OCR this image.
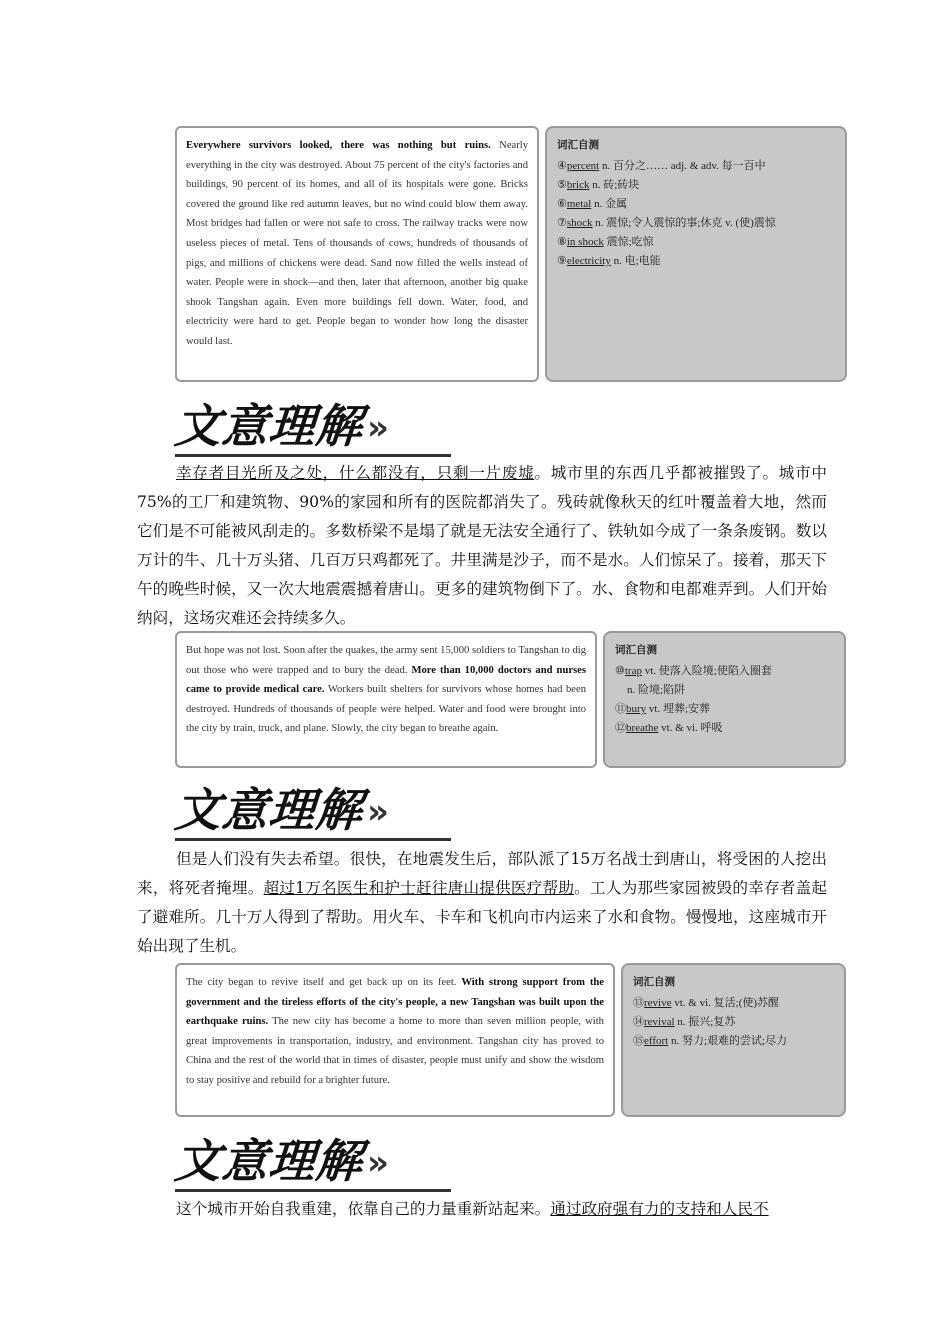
Everywhere survivors looked, there was nothing but ruins. Nearly everything in the city was destroyed. About 75 percent of the city's factories and buildings, 90 percent of its homes, and all of its hospitals were gone. Bricks covered the ground like red autumn leaves, but no wind could blow them away. Most bridges had fallen or were not safe to cross. The railway tracks were now useless pieces of metal. Tens of thousands of cows, hundreds of thousands of pigs, and millions of chickens were dead. Sand now filled the wells instead of water. People were in shock—and then, later that afternoon, another big quake shook Tangshan again. Even more buildings fell down. Water, food, and electricity were hard to get. People began to wonder how long the disaster would last.
词汇自测
④percent n. 百分之…… adj. & adv. 每一百中
⑤brick n. 砖;砖块
⑥metal n. 金属
⑦shock n. 震惊;令人震惊的事;休克 v. (使)震惊
⑧in shock 震惊;吃惊
⑨electricity n. 电;电能
文意理解 »
幸存者目光所及之处，什么都没有，只剩一片废墟。城市里的东西几乎都被摧毁了。城市中75%的工厂和建筑物、90%的家园和所有的医院都消失了。残砖就像秋天的红叶覆盖着大地，然而它们是不可能被风刮走的。多数桥梁不是塌了就是无法安全通行了、铁轨如今成了一条条废钢。数以万计的牛、几十万头猪、几百万只鸡都死了。井里满是沙子，而不是水。人们惊呆了。接着，那天下午的晚些时候，又一次大地震震撼着唐山。更多的建筑物倒下了。水、食物和电都难弄到。人们开始纳闷，这场灾难还会持续多久。
But hope was not lost. Soon after the quakes, the army sent 15,000 soldiers to Tangshan to dig out those who were trapped and to bury the dead. More than 10,000 doctors and nurses came to provide medical care. Workers built shelters for survivors whose homes had been destroyed. Hundreds of thousands of people were helped. Water and food were brought into the city by train, truck, and plane. Slowly, the city began to breathe again.
词汇自测
⑩trap vt. 使落入险境;使陷入圈套
n. 险境;陷阱
⑪bury vt. 埋葬;安葬
⑫breathe vt. & vi. 呼吸
文意理解 »
但是人们没有失去希望。很快，在地震发生后，部队派了15万名战士到唐山，将受困的人挖出来，将死者掩埋。超过1万名医生和护士赶往唐山提供医疗帮助。工人为那些家园被毁的幸存者盖起了避难所。几十万人得到了帮助。用火车、卡车和飞机向市内运来了水和食物。慢慢地，这座城市开始出现了生机。
The city began to revive itself and get back up on its feet. With strong support from the government and the tireless efforts of the city's people, a new Tangshan was built upon the earthquake ruins. The new city has become a home to more than seven million people, with great improvements in transportation, industry, and environment. Tangshan city has proved to China and the rest of the world that in times of disaster, people must unify and show the wisdom to stay positive and rebuild for a brighter future.
词汇自测
⑬revive vt. & vi. 复活;(使)苏醒
⑭revival n. 振兴;复苏
⑮effort n. 努力;艰难的尝试;尽力
文意理解 »
这个城市开始自我重建，依靠自己的力量重新站起来。通过政府强有力的支持和人民不
